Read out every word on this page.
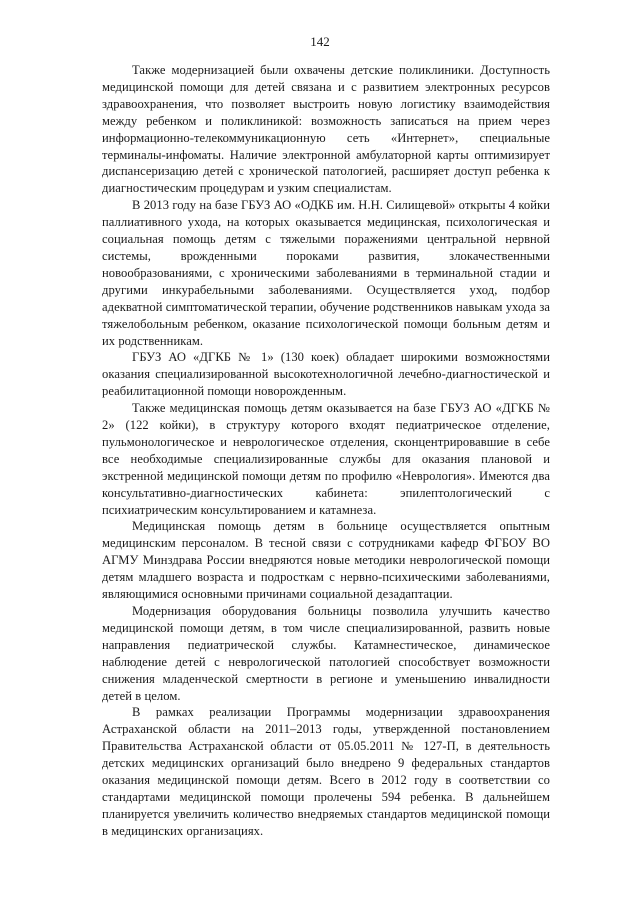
142

Также модернизацией были охвачены детские поликлиники. Доступность медицинской помощи для детей связана и с развитием электронных ресурсов здравоохранения, что позволяет выстроить новую логистику взаимодействия между ребенком и поликлиникой: возможность записаться на прием через информационно-телекоммуникационную сеть «Интернет», специальные терминалы-инфоматы. Наличие электронной амбулаторной карты оптимизирует диспансеризацию детей с хронической патологией, расширяет доступ ребенка к диагностическим процедурам и узким специалистам.

В 2013 году на базе ГБУЗ АО «ОДКБ им. Н.Н. Силищевой» открыты 4 койки паллиативного ухода, на которых оказывается медицинская, психологическая и социальная помощь детям с тяжелыми поражениями центральной нервной системы, врожденными пороками развития, злокачественными новообразованиями, с хроническими заболеваниями в терминальной стадии и другими инкурабельными заболеваниями. Осуществляется уход, подбор адекватной симптоматической терапии, обучение родственников навыкам ухода за тяжелобольным ребенком, оказание психологической помощи больным детям и их родственникам.

ГБУЗ АО «ДГКБ № 1» (130 коек) обладает широкими возможностями оказания специализированной высокотехнологичной лечебно-диагностической и реабилитационной помощи новорожденным.

Также медицинская помощь детям оказывается на базе ГБУЗ АО «ДГКБ № 2» (122 койки), в структуру которого входят педиатрическое отделение, пульмонологическое и неврологическое отделения, сконцентрировавшие в себе все необходимые специализированные службы для оказания плановой и экстренной медицинской помощи детям по профилю «Неврология». Имеются два консультативно-диагностических кабинета: эпилептологический с психиатрическим консультированием и катамнеза.

Медицинская помощь детям в больнице осуществляется опытным медицинским персоналом. В тесной связи с сотрудниками кафедр ФГБОУ ВО АГМУ Минздрава России внедряются новые методики неврологической помощи детям младшего возраста и подросткам с нервно-психическими заболеваниями, являющимися основными причинами социальной дезадаптации.

Модернизация оборудования больницы позволила улучшить качество медицинской помощи детям, в том числе специализированной, развить новые направления педиатрической службы. Катамнестическое, динамическое наблюдение детей с неврологической патологией способствует возможности снижения младенческой смертности в регионе и уменьшению инвалидности детей в целом.

В рамках реализации Программы модернизации здравоохранения Астраханской области на 2011–2013 годы, утвержденной постановлением Правительства Астраханской области от 05.05.2011 № 127-П, в деятельность детских медицинских организаций было внедрено 9 федеральных стандартов оказания медицинской помощи детям. Всего в 2012 году в соответствии со стандартами медицинской помощи пролечены 594 ребенка. В дальнейшем планируется увеличить количество внедряемых стандартов медицинской помощи в медицинских организациях.
